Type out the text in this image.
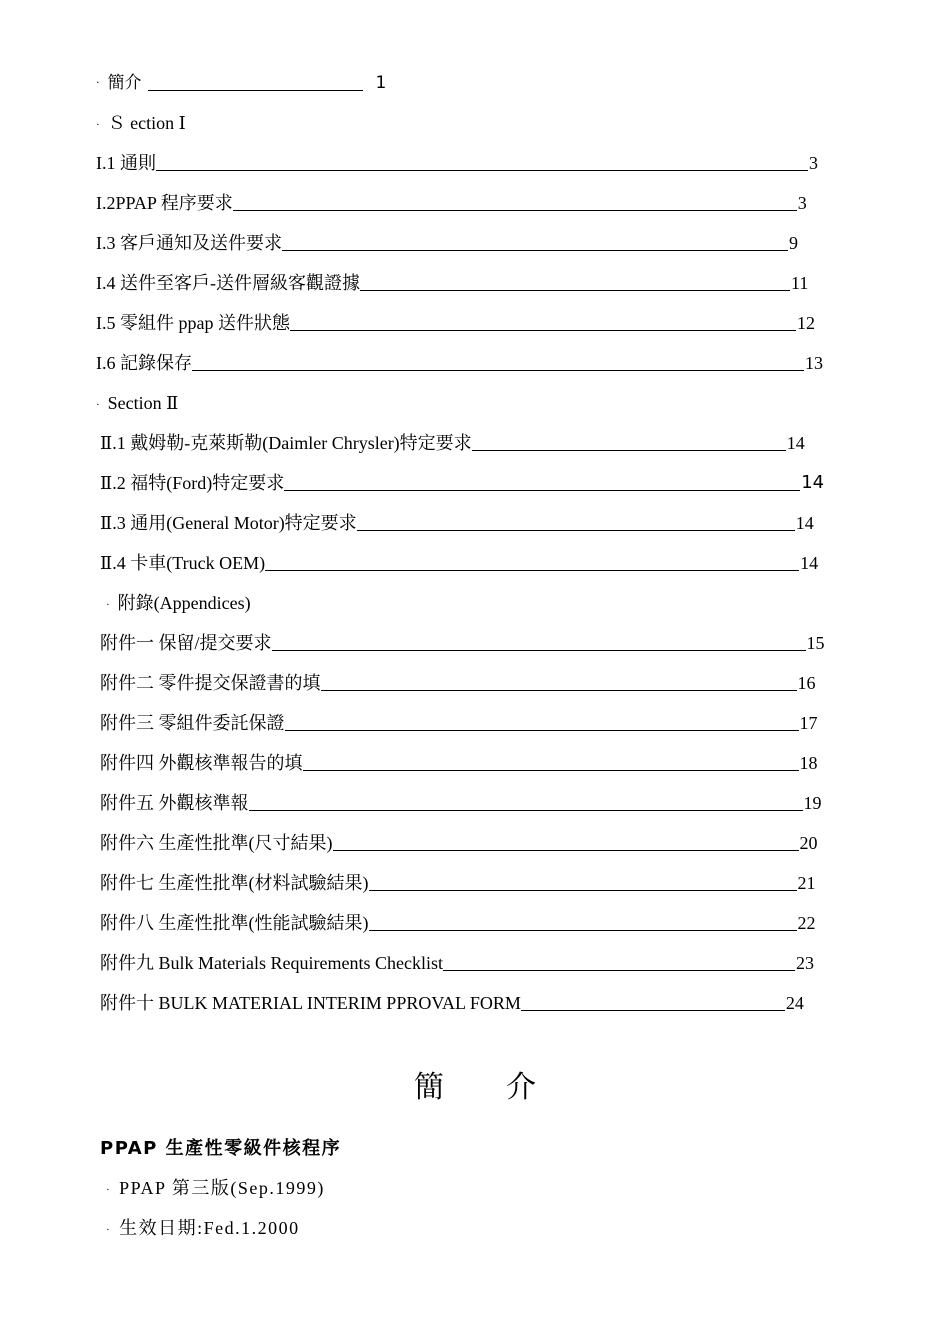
· 簡介	1
· Ｓ ection Ⅰ
I.1 通則	3
I.2PPAP 程序要求	3
I.3 客戶通知及送件要求	9
I.4 送件至客戶-送件層級客觀證據	11
I.5 零組件 ppap 送件狀態	12
I.6 記錄保存	13
· Section Ⅱ
Ⅱ.1 戴姆勒-克萊斯勒(Daimler Chrysler)特定要求	14
Ⅱ.2 福特(Ford)特定要求	14
Ⅱ.3 通用(General Motor)特定要求	14
Ⅱ.4 卡車(Truck OEM)	14
· 附錄(Appendices)
附件一 保留/提交要求	15
附件二 零件提交保證書的填	16
附件三 零組件委託保證	17
附件四 外觀核準報告的填	18
附件五 外觀核準報	19
附件六 生產性批準(尺寸結果)	20
附件七 生產性批準(材料試驗結果)	21
附件八 生產性批準(性能試驗結果)	22
附件九 Bulk Materials Requirements Checklist	23
附件十 BULK MATERIAL INTERIM PPROVAL FORM	24
簡介
PPAP 生產性零級件核程序
· PPAP 第三版(Sep.1999)
· 生效日期:Fed.1.2000
